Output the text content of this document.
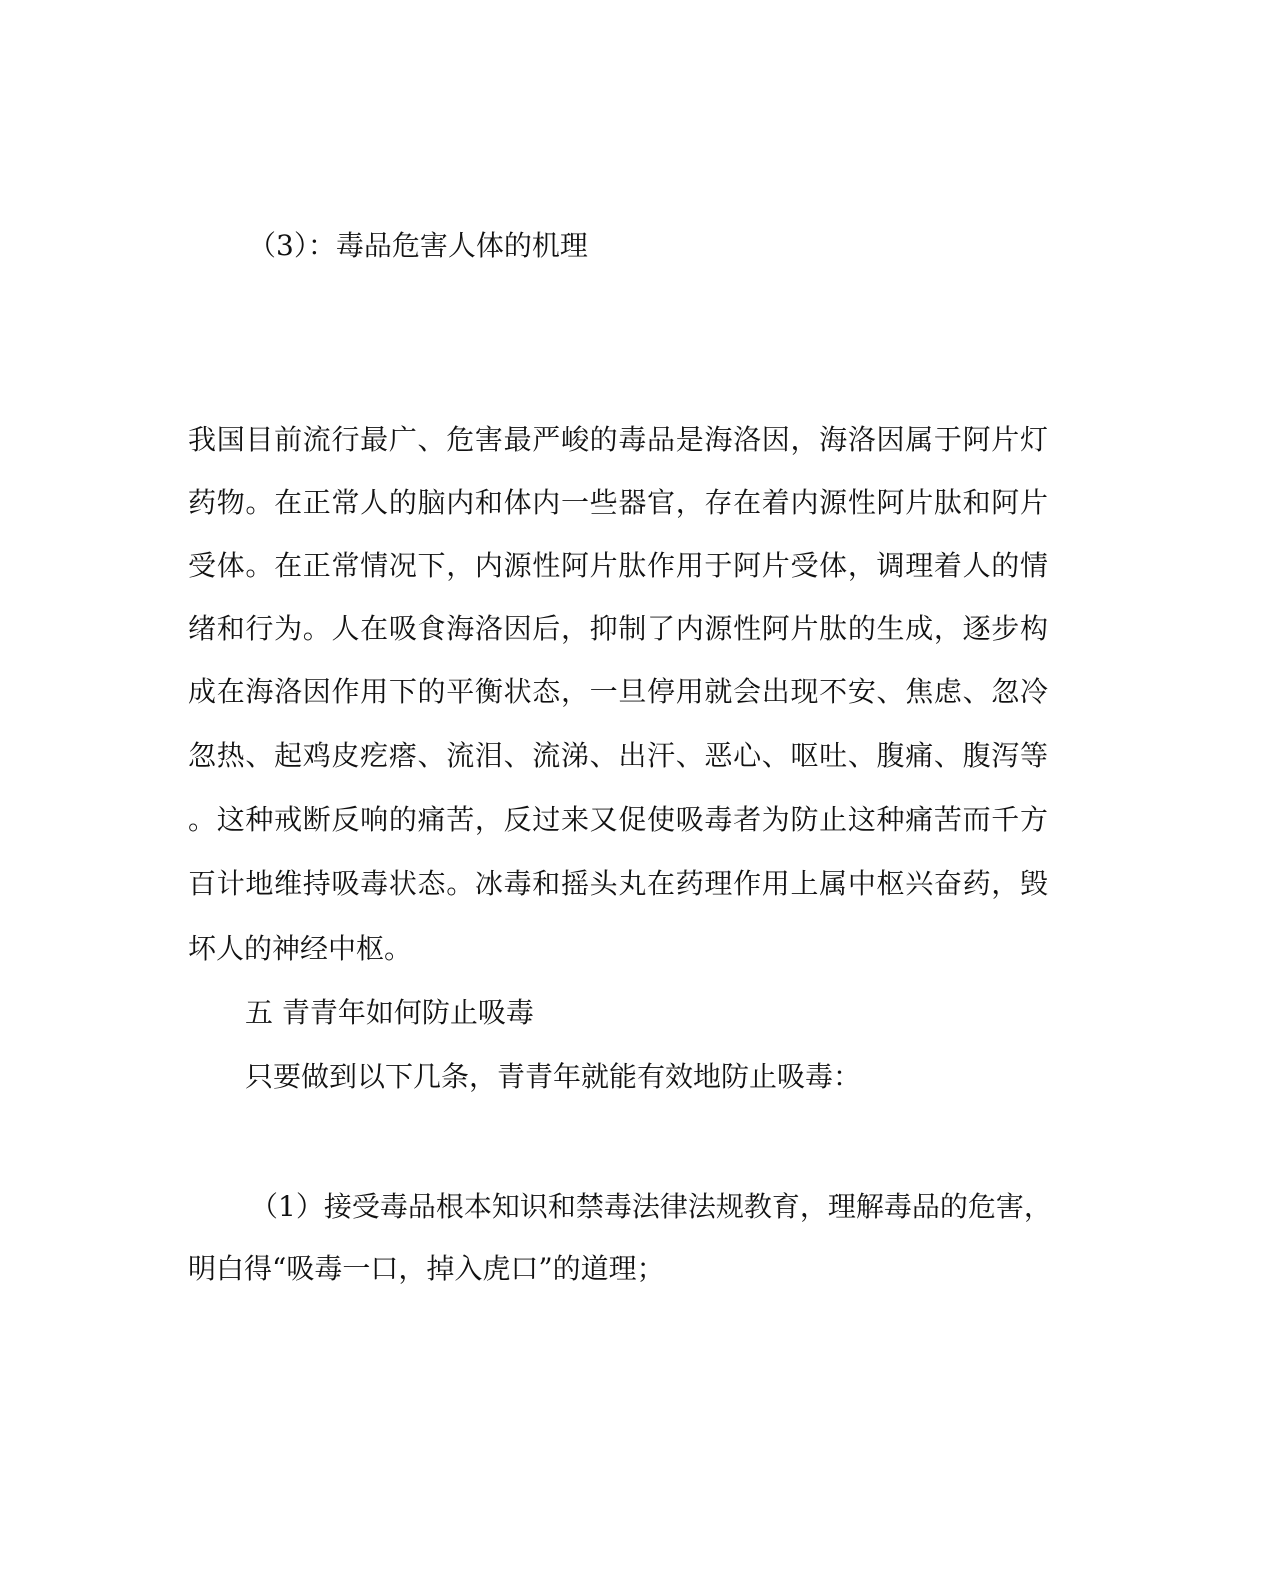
（3）：毒品危害人体的机理

我国目前流行最广、危害最严峻的毒品是海洛因，海洛因属于阿片灯

药物。在正常人的脑内和体内一些器官，存在着内源性阿片肽和阿片

受体。在正常情况下，内源性阿片肽作用于阿片受体，调理着人的情

绪和行为。人在吸食海洛因后，抑制了内源性阿片肽的生成，逐步构

成在海洛因作用下的平衡状态，一旦停用就会出现不安、焦虑、忽冷

忽热、起鸡皮疙瘩、流泪、流涕、出汗、恶心、呕吐、腹痛、腹泻等

。这种戒断反响的痛苦，反过来又促使吸毒者为防止这种痛苦而千方

百计地维持吸毒状态。冰毒和摇头丸在药理作用上属中枢兴奋药，毁

坏人的神经中枢。

五 青青年如何防止吸毒

只要做到以下几条，青青年就能有效地防止吸毒：

（1）接受毒品根本知识和禁毒法律法规教育，理解毒品的危害，

明白得“吸毒一口，掉入虎口”的道理；
